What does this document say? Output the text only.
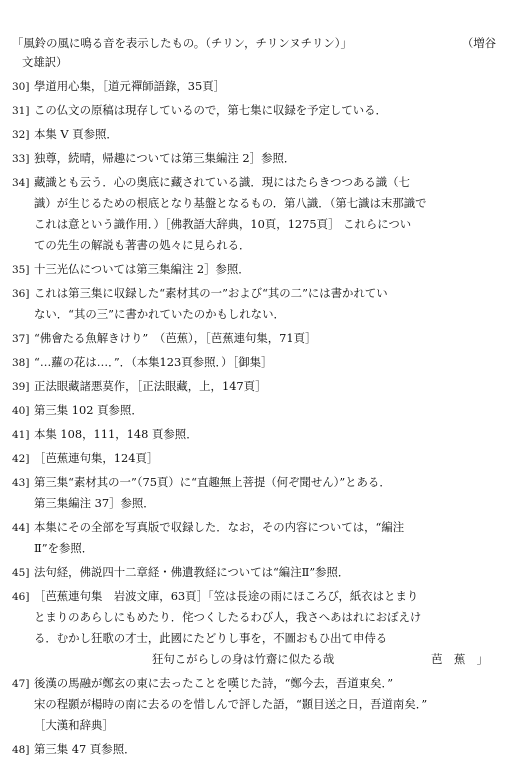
「風鈴の風に鳴る音を表示したもの。（チリン，チリンヌチリン）」	（増谷
文雄訳）
30] 學道用心集，［道元禪師語錄，35頁］
31] この仏文の原稿は現存しているので，第七集に収録を予定している．
32] 本集 V 頁参照．
33] 独尊，続晴，帰趣については第三集編注 2］参照．
34] 藏識とも云う．心の奥底に藏されている識．現にはたらきつつある識（七
識）が生じるための根底となり基盤となるもの．第八識．（第七識は末那識で
これは意という識作用．）［佛教語大辞典，10頁，1275頁］ これらについ
ての先生の解説も著書の処々に見られる．
35] 十三光仏については第三集編注 2］参照．
36] これは第三集に収録した“素材其の一”および“其の二”には書かれてい
ない．“其の三”に書かれていたのかもしれない．
37] “佛會たる魚解きけり”　（芭蕉），［芭蕉連句集，71頁］
38] “…蘿の花は…．”．（本集123頁参照．）［御集］
39] 正法眼藏諸悪莫作，［正法眼藏，上，147頁］
40] 第三集 102 頁参照．
41] 本集 108，111，148 頁参照．
42] ［芭蕉連句集，124頁］
43] 第三集“素材其の一”（75頁）に“直趣無上菩提（何ぞ聞せん）”とある．
第三集編注 37］参照．
44] 本集にその全部を写真版で収録した．なお，その内容については，“編注
Ⅱ”を参照．
45] 法句経，佛説四十二章経・佛遺教経については“編注Ⅱ”参照．
46] ［芭蕉連句集　岩波文庫，63頁］「笠は長途の雨にほころび，紙衣はとまり
とまりのあらしにもめたり．侘つくしたるわび人，我さへあはれにおぼえけ
る．むかし狂歌の才士，此國にたどりし事を，不圖おもひ出て申侍る
狂句こがらしの身は竹齋に似たる哉	芭　蕉　」
47] 後漢の馬融が鄭玄の東に去ったことを嘆じた詩，“鄭今去，吾道東矣．”
宋の程顥が楊時の南に去るのを惜しんで評した語，“顥目送之日，吾道南矣．”
［大漢和辞典］
48] 第三集 47 頁参照．
